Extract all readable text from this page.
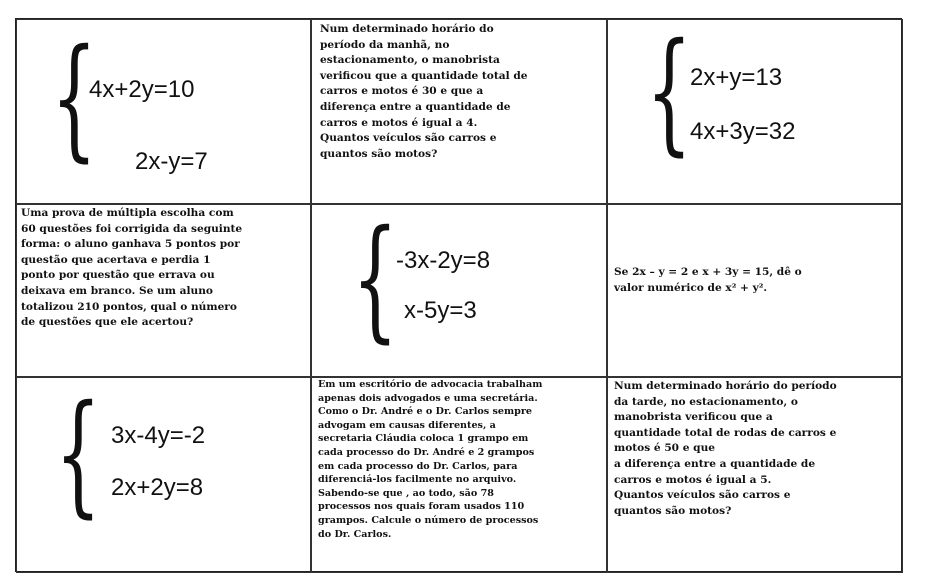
{
4x+2y=10
2x-y=7

Num determinado horário do
período da manhã, no
estacionamento, o manobrista
verificou que a quantidade total de
carros e motos é 30 e que a
diferença entre a quantidade de
carros e motos é igual a 4.
Quantos veículos são carros e
quantos são motos?	{
2x+y=13
4x+3y=32

Uma prova de múltipla escolha com
60 questões foi corrigida da seguinte
forma: o aluno ganhava 5 pontos por
questão que acertava e perdia 1
ponto por questão que errava ou
deixava em branco. Se um aluno
totalizou 210 pontos, qual o número
de questões que ele acertou?	{
-3x-2y=8
x-5y=3

Se 2x – y = 2 e x + 3y = 15, dê o
valor numérico de x² + y².

{ 3x-4y=-2
2x+2y=8

Em um escritório de advocacia trabalham
apenas dois advogados e uma secretária.
Como o Dr. André e o Dr. Carlos sempre
advogam em causas diferentes, a
secretaria Cláudia coloca 1 grampo em
cada processo do Dr. André e 2 grampos
em cada processo do Dr. Carlos, para
diferenciá-los facilmente no arquivo.
Sabendo-se que , ao todo, são 78
processos nos quais foram usados 110
grampos. Calcule o número de processos
do Dr. Carlos.

Num determinado horário do período
da tarde, no estacionamento, o
manobrista verificou que a
quantidade total de rodas de carros e
motos é 50 e que
a diferença entre a quantidade de
carros e motos é igual a 5.
Quantos veículos são carros e
quantos são motos?
